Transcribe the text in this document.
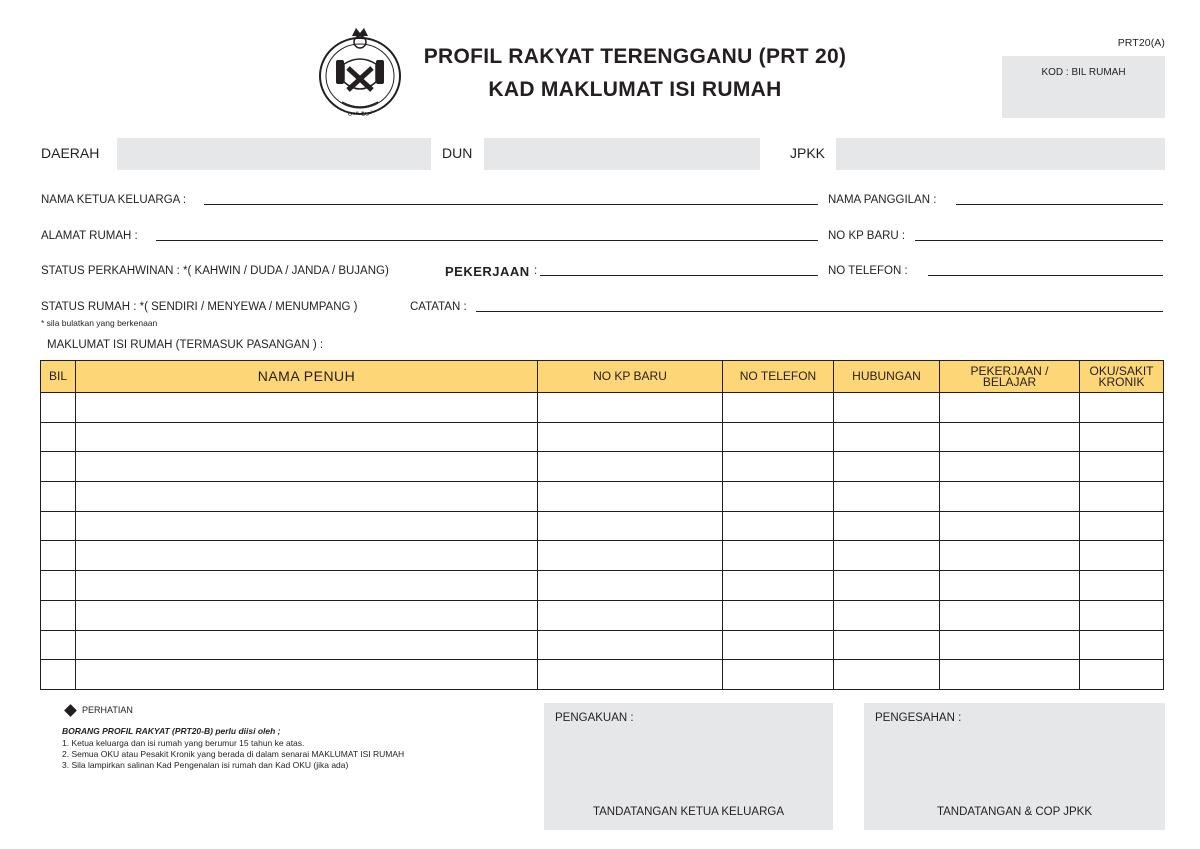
تربع مين
PROFIL RAKYAT TERENGGANU (PRT 20)
KAD MAKLUMAT ISI RUMAH
PRT20(A)
KOD : BIL RUMAH
DAERAH	DUN	JPKK
NAMA KETUA KELUARGA :	NAMA PANGGILAN :
ALAMAT RUMAH :	NO KP BARU :
STATUS PERKAHWINAN : *( KAHWIN / DUDA / JANDA / BUJANG)	PEKERJAAN :	NO TELEFON :
STATUS RUMAH : *( SENDIRI / MENYEWA / MENUMPANG )	CATATAN :
* sila bulatkan yang berkenaan
MAKLUMAT ISI RUMAH (TERMASUK PASANGAN ) :
BIL	NAMA PENUH	NO KP BARU	NO TELEFON	HUBUNGAN	PEKERJAAN / BELAJAR	OKU/SAKIT KRONIK

PERHATIAN
BORANG PROFIL RAKYAT (PRT20-B) perlu diisi oleh ;
1. Ketua keluarga dan isi rumah yang berumur 15 tahun ke atas.
2. Semua OKU atau Pesakit Kronik yang berada di dalam senarai MAKLUMAT ISI RUMAH
3. Sila lampirkan salinan Kad Pengenalan isi rumah dan Kad OKU (jika ada)
PENGAKUAN :
TANDATANGAN KETUA KELUARGA
PENGESAHAN :
TANDATANGAN & COP JPKK
